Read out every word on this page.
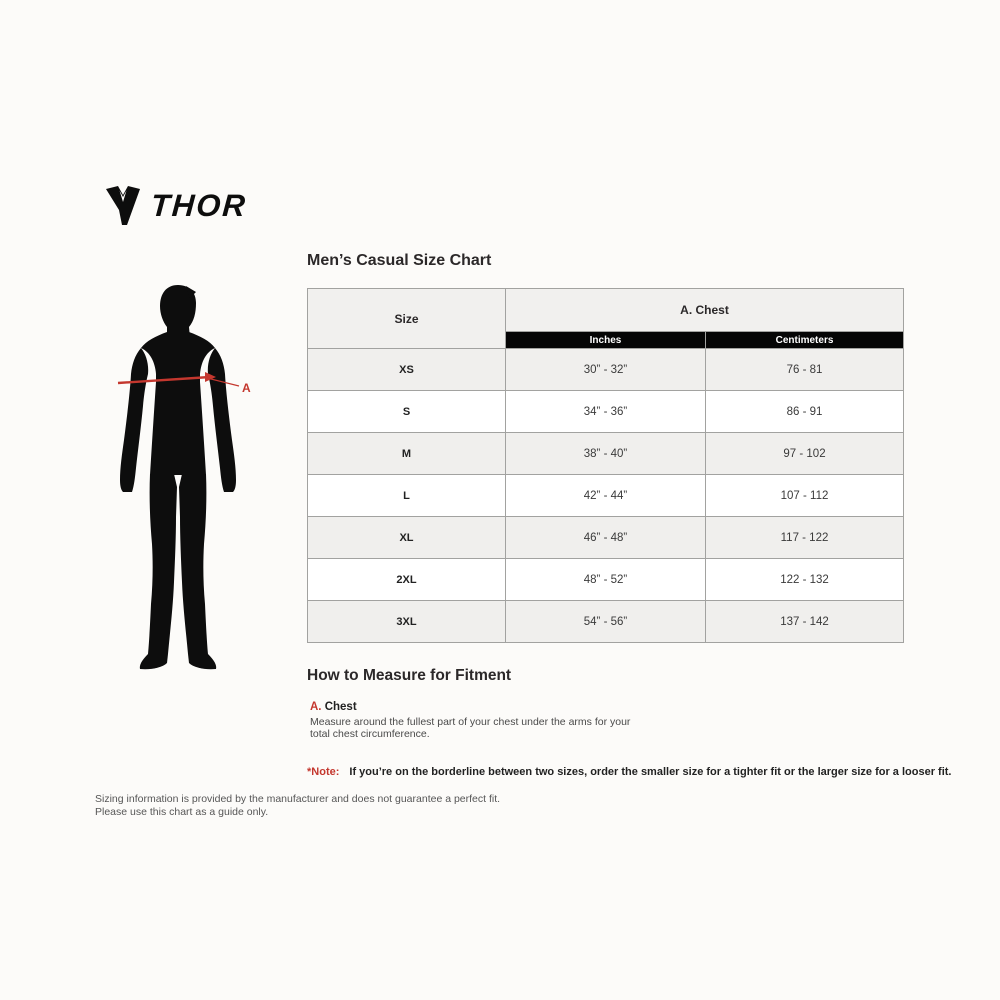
THOR
A
Men’s Casual Size Chart
Size	A. Chest	
	Inches	Centimeters
XS	30” - 32”	76 - 81
S	34” - 36”	86 - 91
M	38” - 40”	97 - 102
L	42” - 44”	107 - 112
XL	46” - 48”	117 - 122
2XL	48” - 52”	122 - 132
3XL	54” - 56”	137 - 142
How to Measure for Fitment
A. Chest
Measure around the fullest part of your chest under the arms for your
total chest circumference.

*Note: If you’re on the borderline between two sizes, order the smaller size for a tighter fit or the larger size for a looser fit.

Sizing information is provided by the manufacturer and does not guarantee a perfect fit.
Please use this chart as a guide only.
